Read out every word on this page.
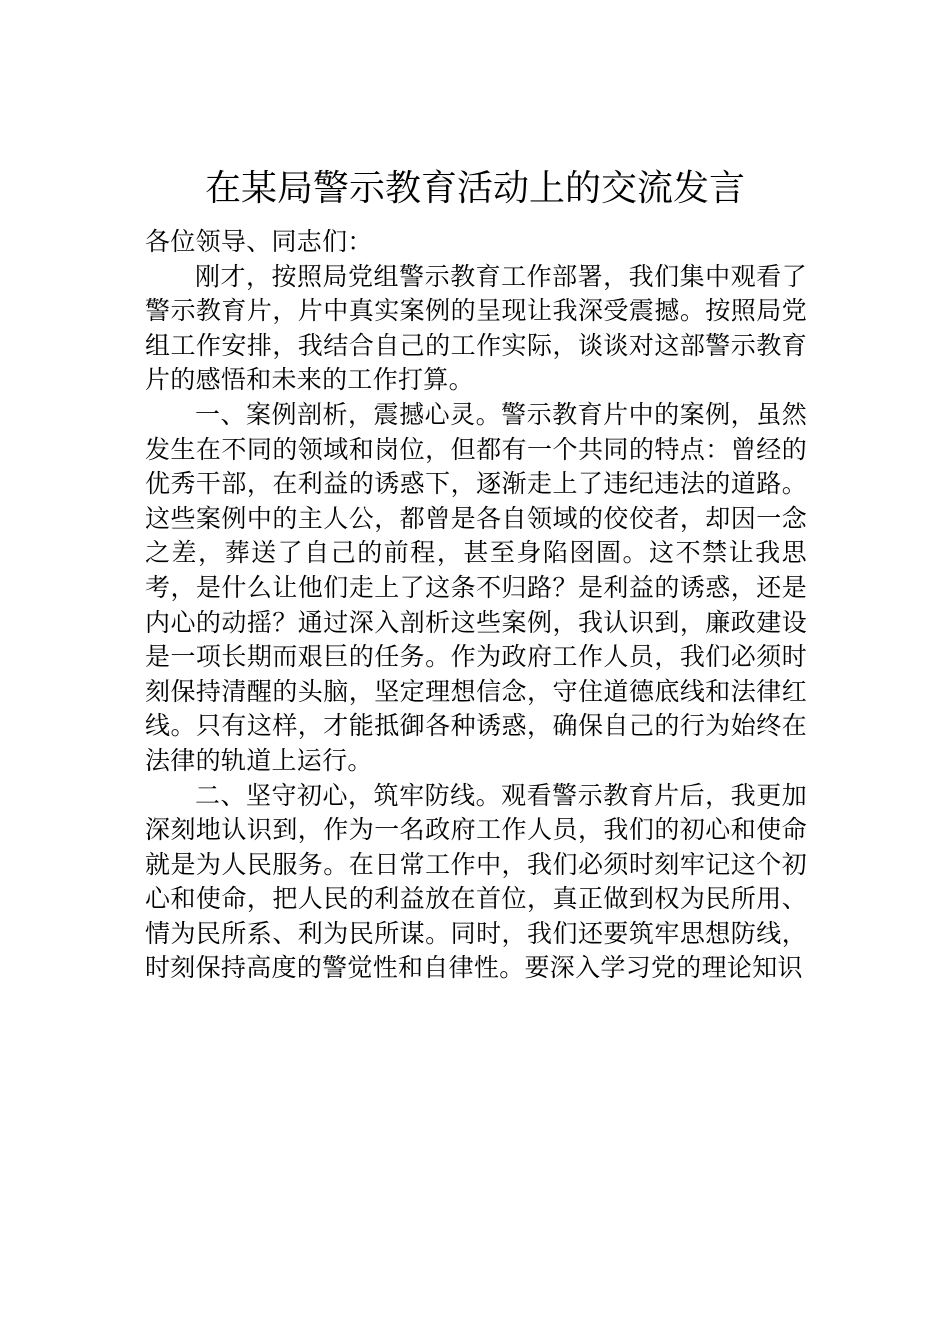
在某局警示教育活动上的交流发言

各位领导、同志们：

刚才，按照局党组警示教育工作部署，我们集中观看了警示教育片，片中真实案例的呈现让我深受震撼。按照局党组工作安排，我结合自己的工作实际，谈谈对这部警示教育片的感悟和未来的工作打算。

一、案例剖析，震撼心灵。警示教育片中的案例，虽然发生在不同的领域和岗位，但都有一个共同的特点：曾经的优秀干部，在利益的诱惑下，逐渐走上了违纪违法的道路。这些案例中的主人公，都曾是各自领域的佼佼者，却因一念之差，葬送了自己的前程，甚至身陷囹圄。这不禁让我思考，是什么让他们走上了这条不归路？是利益的诱惑，还是内心的动摇？通过深入剖析这些案例，我认识到，廉政建设是一项长期而艰巨的任务。作为政府工作人员，我们必须时刻保持清醒的头脑，坚定理想信念，守住道德底线和法律红线。只有这样，才能抵御各种诱惑，确保自己的行为始终在法律的轨道上运行。

二、坚守初心，筑牢防线。观看警示教育片后，我更加深刻地认识到，作为一名政府工作人员，我们的初心和使命就是为人民服务。在日常工作中，我们必须时刻牢记这个初心和使命，把人民的利益放在首位，真正做到权为民所用、情为民所系、利为民所谋。同时，我们还要筑牢思想防线，时刻保持高度的警觉性和自律性。要深入学习党的理论知识
